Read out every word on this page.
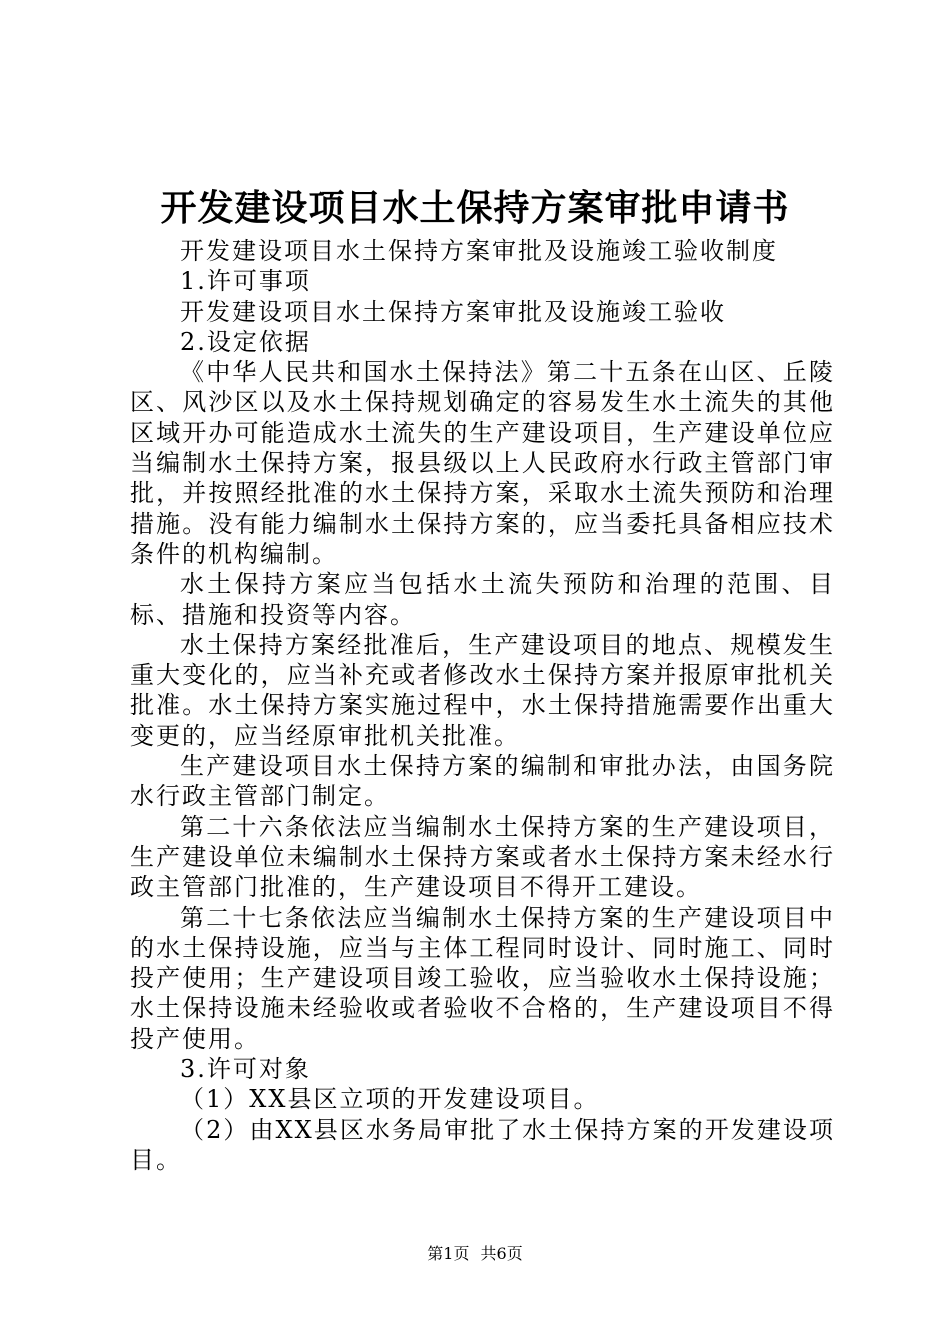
开发建设项目水土保持方案审批申请书

开发建设项目水土保持方案审批及设施竣工验收制度

1.许可事项

开发建设项目水土保持方案审批及设施竣工验收

2.设定依据

《中华人民共和国水土保持法》第二十五条在山区、丘陵区、风沙区以及水土保持规划确定的容易发生水土流失的其他区域开办可能造成水土流失的生产建设项目，生产建设单位应当编制水土保持方案，报县级以上人民政府水行政主管部门审批，并按照经批准的水土保持方案，采取水土流失预防和治理措施。没有能力编制水土保持方案的，应当委托具备相应技术条件的机构编制。

水土保持方案应当包括水土流失预防和治理的范围、目标、措施和投资等内容。

水土保持方案经批准后，生产建设项目的地点、规模发生重大变化的，应当补充或者修改水土保持方案并报原审批机关批准。水土保持方案实施过程中，水土保持措施需要作出重大变更的，应当经原审批机关批准。

生产建设项目水土保持方案的编制和审批办法，由国务院水行政主管部门制定。

第二十六条依法应当编制水土保持方案的生产建设项目，生产建设单位未编制水土保持方案或者水土保持方案未经水行政主管部门批准的，生产建设项目不得开工建设。

第二十七条依法应当编制水土保持方案的生产建设项目中的水土保持设施，应当与主体工程同时设计、同时施工、同时投产使用；生产建设项目竣工验收，应当验收水土保持设施；水土保持设施未经验收或者验收不合格的，生产建设项目不得投产使用。

3.许可对象

（1）XX县区立项的开发建设项目。

（2）由XX县区水务局审批了水土保持方案的开发建设项目。

第1页 共6页
